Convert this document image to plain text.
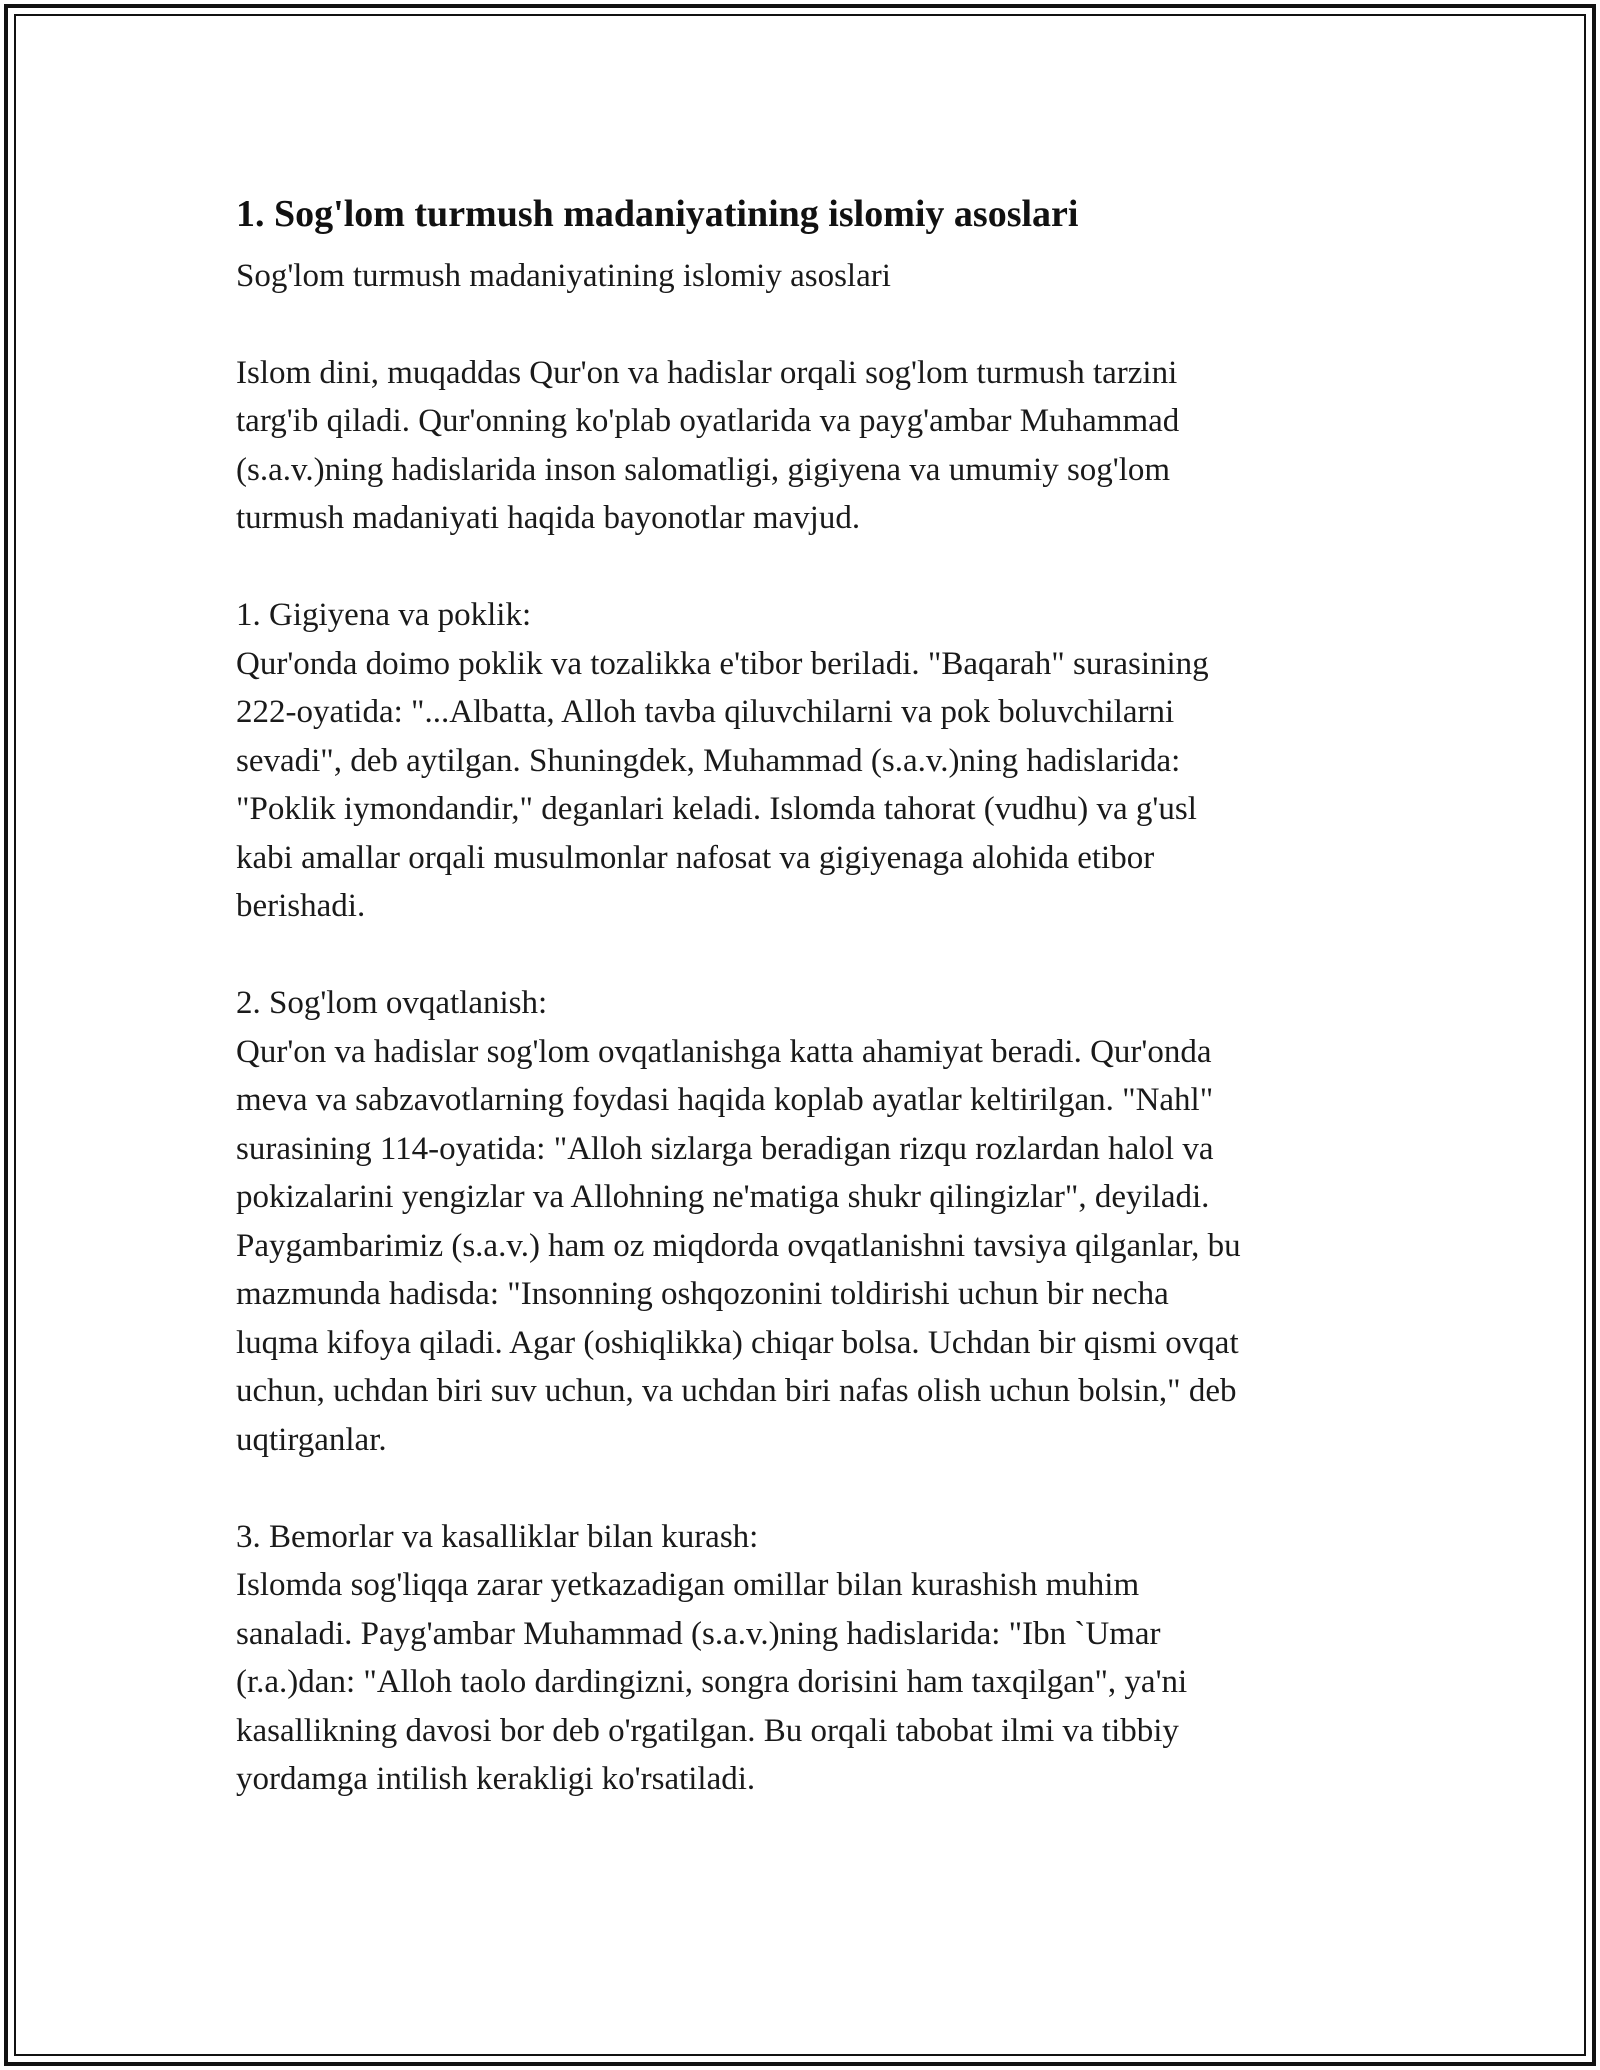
1. Sog'lom turmush madaniyatining islomiy asoslari

Sog'lom turmush madaniyatining islomiy asoslari

Islom dini, muqaddas Qur'on va hadislar orqali sog'lom turmush tarzini
targ'ib qiladi. Qur'onning ko'plab oyatlarida va payg'ambar Muhammad
(s.a.v.)ning hadislarida inson salomatligi, gigiyena va umumiy sog'lom
turmush madaniyati haqida bayonotlar mavjud.
1. Gigiyena va poklik:
Qur'onda doimo poklik va tozalikka e'tibor beriladi. "Baqarah" surasining
222-oyatida: "...Albatta, Alloh tavba qiluvchilarni va pok boluvchilarni
sevadi", deb aytilgan. Shuningdek, Muhammad (s.a.v.)ning hadislarida:
"Poklik iymondandir," deganlari keladi. Islomda tahorat (vudhu) va g'usl
kabi amallar orqali musulmonlar nafosat va gigiyenaga alohida etibor
berishadi.
2. Sog'lom ovqatlanish:
Qur'on va hadislar sog'lom ovqatlanishga katta ahamiyat beradi. Qur'onda
meva va sabzavotlarning foydasi haqida koplab ayatlar keltirilgan. "Nahl"
surasining 114-oyatida: "Alloh sizlarga beradigan rizqu rozlardan halol va
pokizalarini yengizlar va Allohning ne'matiga shukr qilingizlar", deyiladi.
Paygambarimiz (s.a.v.) ham oz miqdorda ovqatlanishni tavsiya qilganlar, bu
mazmunda hadisda: "Insonning oshqozonini toldirishi uchun bir necha
luqma kifoya qiladi. Agar (oshiqlikka) chiqar bolsa. Uchdan bir qismi ovqat
uchun, uchdan biri suv uchun, va uchdan biri nafas olish uchun bolsin," deb
uqtirganlar.
3. Bemorlar va kasalliklar bilan kurash:
Islomda sog'liqqa zarar yetkazadigan omillar bilan kurashish muhim
sanaladi. Payg'ambar Muhammad (s.a.v.)ning hadislarida: "Ibn `Umar
(r.a.)dan: "Alloh taolo dardingizni, songra dorisini ham taxqilgan", ya'ni
kasallikning davosi bor deb o'rgatilgan. Bu orqali tabobat ilmi va tibbiy
yordamga intilish kerakligi ko'rsatiladi.
